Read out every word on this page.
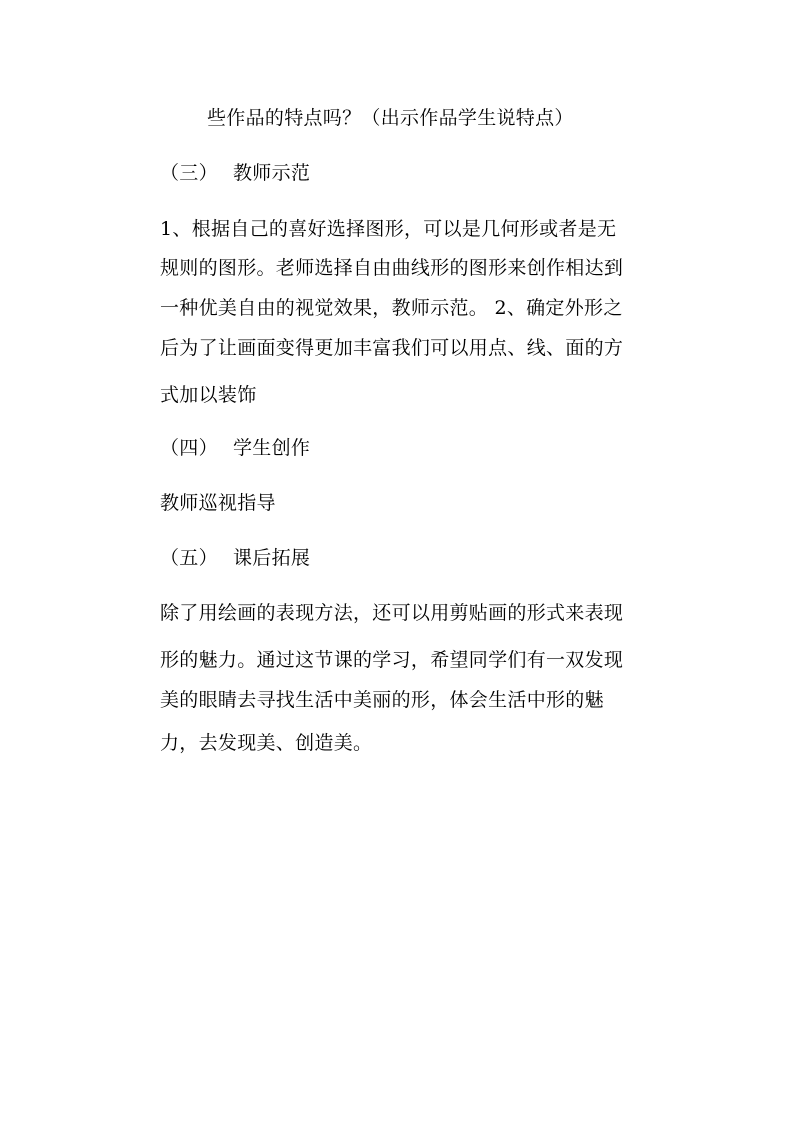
些作品的特点吗？（出示作品学生说特点）

（三） 教师示范

1、根据自己的喜好选择图形，可以是几何形或者是无

规则的图形。老师选择自由曲线形的图形来创作相达到

一种优美自由的视觉效果，教师示范。 2、确定外形之

后为了让画面变得更加丰富我们可以用点、线、面的方

式加以装饰

（四） 学生创作

教师巡视指导

（五） 课后拓展

除了用绘画的表现方法，还可以用剪贴画的形式来表现

形的魅力。通过这节课的学习，希望同学们有一双发现

美的眼睛去寻找生活中美丽的形，体会生活中形的魅

力，去发现美、创造美。
